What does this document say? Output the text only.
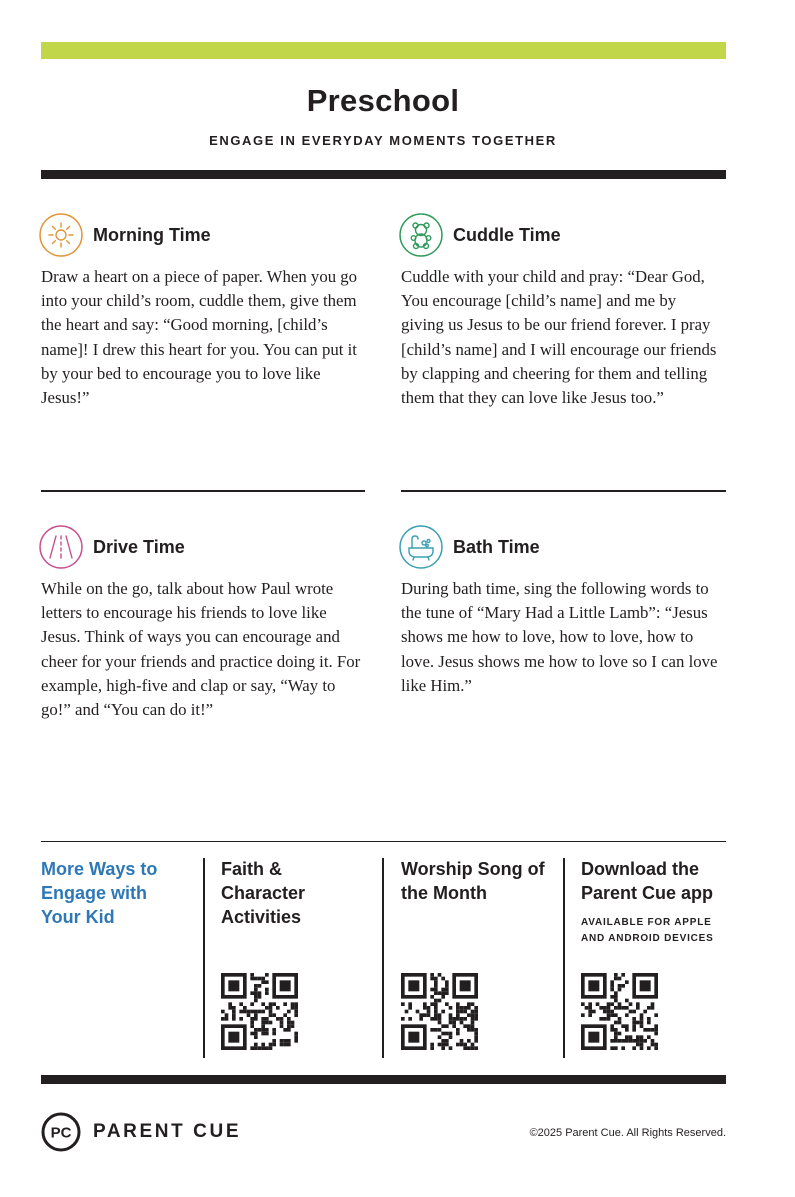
Preschool
ENGAGE IN EVERYDAY MOMENTS TOGETHER
Morning Time
Draw a heart on a piece of paper. When you go into your child’s room, cuddle them, give them the heart and say: “Good morning, [child’s name]! I drew this heart for you. You can put it by your bed to encourage you to love like Jesus!”
Cuddle Time
Cuddle with your child and pray: “Dear God, You encourage [child’s name] and me by giving us Jesus to be our friend forever. I pray [child’s name] and I will encourage our friends by clapping and cheering for them and telling them that they can love like Jesus too.”
Drive Time
While on the go, talk about how Paul wrote letters to encourage his friends to love like Jesus. Think of ways you can encourage and cheer for your friends and practice doing it. For example, high-five and clap or say, “Way to go!” and “You can do it!”
Bath Time
During bath time, sing the following words to the tune of “Mary Had a Little Lamb”: “Jesus shows me how to love, how to love, how to love. Jesus shows me how to love so I can love like Him.”
More Ways to Engage with Your Kid
Faith & Character Activities
Worship Song of the Month
Download the Parent Cue app
AVAILABLE FOR APPLE AND ANDROID DEVICES
PC PARENT CUE	©2025 Parent Cue. All Rights Reserved.
